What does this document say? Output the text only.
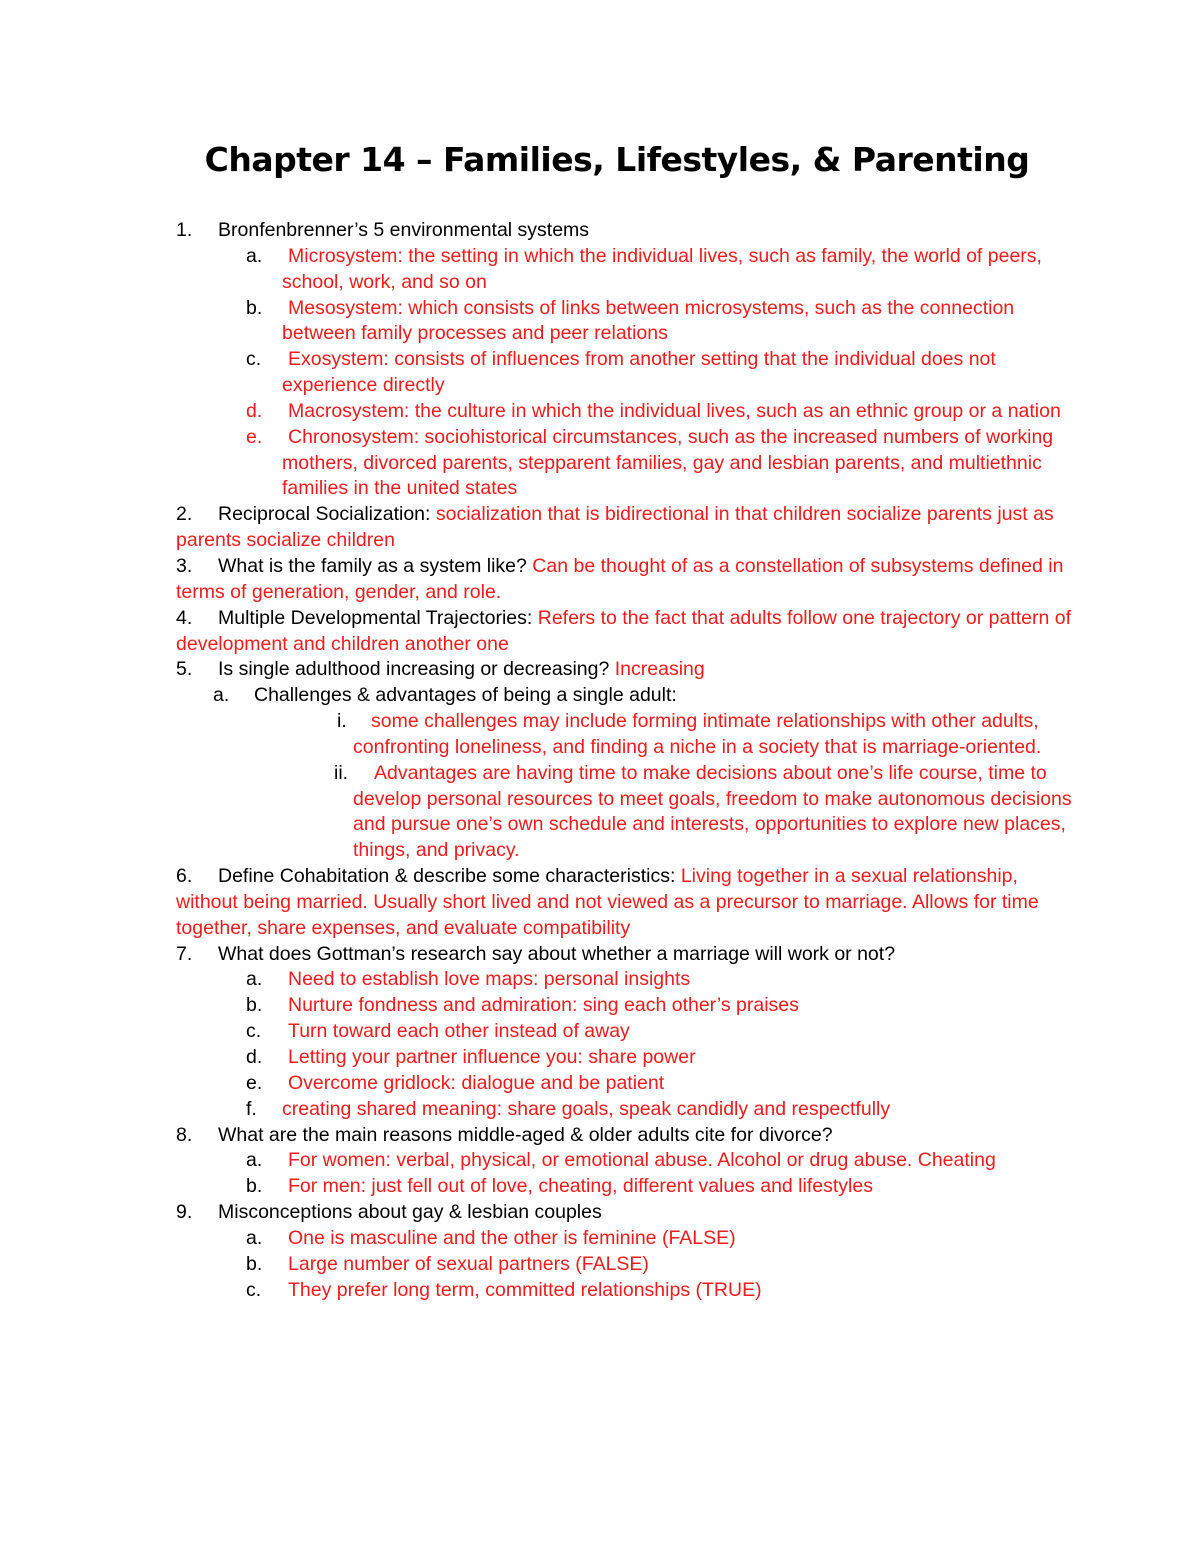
Chapter 14 – Families, Lifestyles, & Parenting
1. Bronfenbrenner’s 5 environmental systems
a. Microsystem: the setting in which the individual lives, such as family, the world of peers, school, work, and so on
b. Mesosystem: which consists of links between microsystems, such as the connection between family processes and peer relations
c. Exosystem: consists of influences from another setting that the individual does not experience directly
d. Macrosystem: the culture in which the individual lives, such as an ethnic group or a nation
e. Chronosystem: sociohistorical circumstances, such as the increased numbers of working mothers, divorced parents, stepparent families, gay and lesbian parents, and multiethnic families in the united states
2. Reciprocal Socialization: socialization that is bidirectional in that children socialize parents just as parents socialize children
3. What is the family as a system like? Can be thought of as a constellation of subsystems defined in terms of generation, gender, and role.
4. Multiple Developmental Trajectories: Refers to the fact that adults follow one trajectory or pattern of development and children another one
5. Is single adulthood increasing or decreasing? Increasing
a. Challenges & advantages of being a single adult:
i. some challenges may include forming intimate relationships with other adults, confronting loneliness, and finding a niche in a society that is marriage-oriented.
ii. Advantages are having time to make decisions about one’s life course, time to develop personal resources to meet goals, freedom to make autonomous decisions and pursue one’s own schedule and interests, opportunities to explore new places, things, and privacy.
6. Define Cohabitation & describe some characteristics: Living together in a sexual relationship, without being married. Usually short lived and not viewed as a precursor to marriage. Allows for time together, share expenses, and evaluate compatibility
7. What does Gottman’s research say about whether a marriage will work or not?
a. Need to establish love maps: personal insights
b. Nurture fondness and admiration: sing each other’s praises
c. Turn toward each other instead of away
d. Letting your partner influence you: share power
e. Overcome gridlock: dialogue and be patient
f. creating shared meaning: share goals, speak candidly and respectfully
8. What are the main reasons middle-aged & older adults cite for divorce?
a. For women: verbal, physical, or emotional abuse. Alcohol or drug abuse. Cheating
b. For men: just fell out of love, cheating, different values and lifestyles
9. Misconceptions about gay & lesbian couples
a. One is masculine and the other is feminine (FALSE)
b. Large number of sexual partners (FALSE)
c. They prefer long term, committed relationships (TRUE)
